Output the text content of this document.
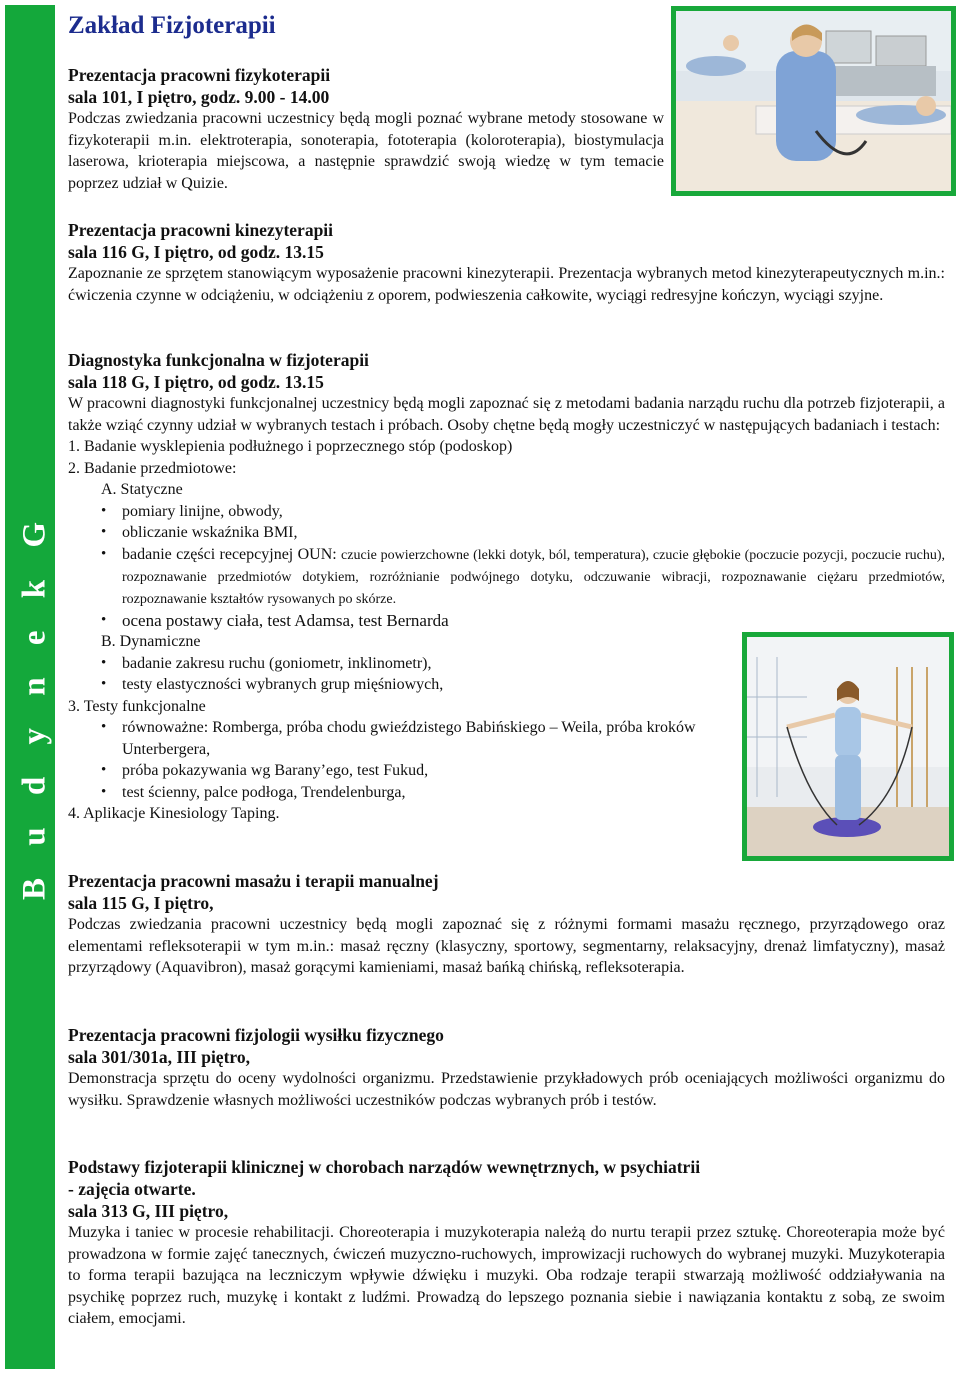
B u d y n e k G
Zakład Fizjoterapii
Prezentacja pracowni fizykoterapii
sala 101, I piętro, godz. 9.00 - 14.00
Podczas zwiedzania pracowni uczestnicy będą mogli poznać wybrane metody stosowane w fizykoterapii m.in. elektroterapia, sonoterapia, fototerapia (koloroterapia), biostymulacja laserowa, krioterapia miejscowa, a następnie sprawdzić swoją wiedzę w tym temacie poprzez udział w Quizie.
Prezentacja pracowni kinezyterapii
sala 116 G, I piętro, od godz. 13.15
Zapoznanie ze sprzętem stanowiącym wyposażenie pracowni kinezyterapii. Prezentacja wybranych metod kinezyterapeutycznych m.in.: ćwiczenia czynne w odciążeniu, w odciążeniu z oporem, podwieszenia całkowite, wyciągi redresyjne kończyn, wyciągi szyjne.
Diagnostyka funkcjonalna w fizjoterapii
sala 118 G, I piętro, od godz. 13.15
W pracowni diagnostyki funkcjonalnej uczestnicy będą mogli zapoznać się z metodami badania narządu ruchu dla potrzeb fizjoterapii, a także wziąć czynny udział w wybranych testach i próbach. Osoby chętne będą mogły uczestniczyć w następujących badaniach i testach:
1. Badanie wysklepienia podłużnego i poprzecznego stóp (podoskop)
2. Badanie przedmiotowe:
A. Statyczne
• pomiary linijne, obwody,
• obliczanie wskaźnika BMI,
• badanie części recepcyjnej OUN: czucie powierzchowne (lekki dotyk, ból, temperatura), czucie głębokie (poczucie pozycji, poczucie ruchu), rozpoznawanie przedmiotów dotykiem, rozróżnianie podwójnego dotyku, odczuwanie wibracji, rozpoznawanie ciężaru przedmiotów, rozpoznawanie kształtów rysowanych po skórze.
• ocena postawy ciała, test Adamsa, test Bernarda
B. Dynamiczne
• badanie zakresu ruchu (goniometr, inklinometr),
• testy elastyczności wybranych grup mięśniowych,
3. Testy funkcjonalne
• równoważne: Romberga, próba chodu gwieździstego Babińskiego – Weila, próba kroków Unterbergera,
• próba pokazywania wg Barany’ego, test Fukud,
• test ścienny, palce podłoga, Trendelenburga,
4. Aplikacje Kinesiology Taping.
Prezentacja pracowni masażu i terapii manualnej
sala 115 G, I piętro,
Podczas zwiedzania pracowni uczestnicy będą mogli zapoznać się z różnymi formami masażu ręcznego, przyrządowego oraz elementami refleksoterapii w tym m.in.: masaż ręczny (klasyczny, sportowy, segmentarny, relaksacyjny, drenaż limfatyczny), masaż przyrządowy (Aquavibron), masaż gorącymi kamieniami, masaż bańką chińską, refleksoterapia.
Prezentacja pracowni fizjologii wysiłku fizycznego
sala 301/301a, III piętro,
Demonstracja sprzętu do oceny wydolności organizmu. Przedstawienie przykładowych prób oceniających możliwości organizmu do wysiłku. Sprawdzenie własnych możliwości uczestników podczas wybranych prób i testów.
Podstawy fizjoterapii klinicznej w chorobach narządów wewnętrznych, w psychiatrii
- zajęcia otwarte.
sala 313 G, III piętro,
Muzyka i taniec w procesie rehabilitacji. Choreoterapia i muzykoterapia należą do nurtu terapii przez sztukę. Choreoterapia może być prowadzona w formie zajęć tanecznych, ćwiczeń muzyczno-ruchowych, improwizacji ruchowych do wybranej muzyki. Muzykoterapia to forma terapii bazująca na leczniczym wpływie dźwięku i muzyki. Oba rodzaje terapii stwarzają możliwość oddziaływania na psychikę poprzez ruch, muzykę i kontakt z ludźmi. Prowadzą do lepszego poznania siebie i nawiązania kontaktu z sobą, ze swoim ciałem, emocjami.
